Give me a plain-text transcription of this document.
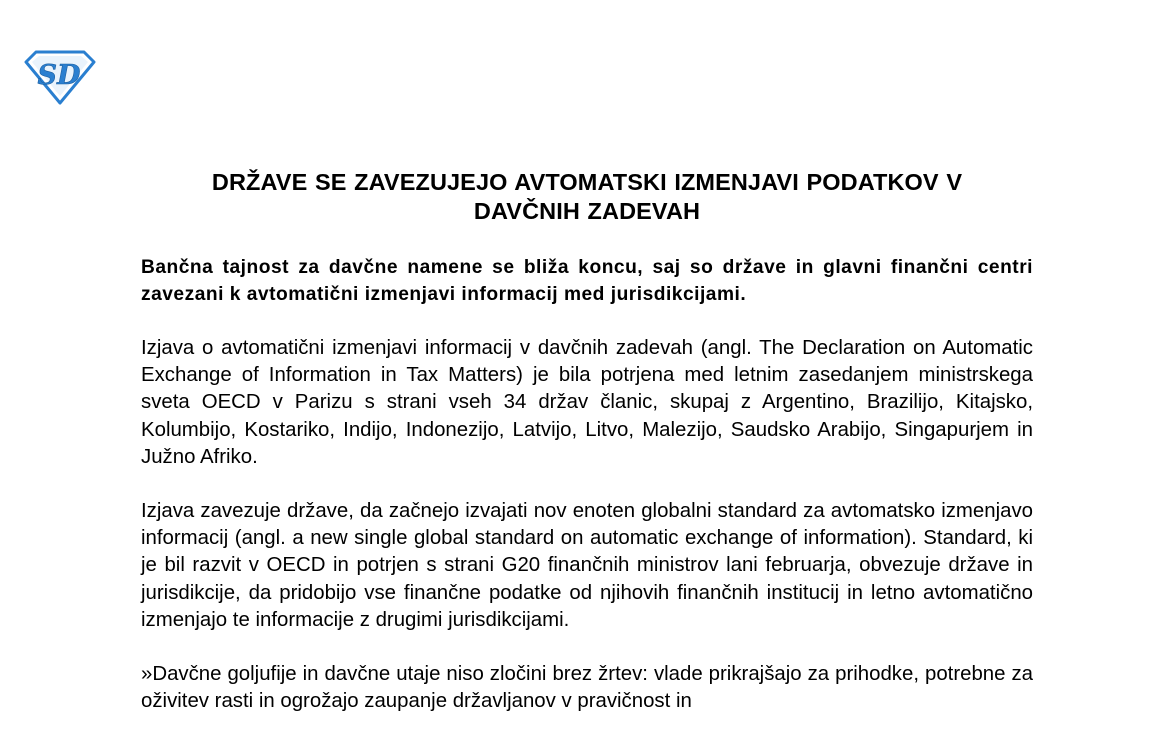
SD
DRŽAVE SE ZAVEZUJEJO AVTOMATSKI IZMENJAVI PODATKOV V
DAVČNIH ZADEVAH

Bančna tajnost za davčne namene se bliža koncu, saj so države in glavni finančni centri zavezani k avtomatični izmenjavi informacij med jurisdikcijami.

Izjava o avtomatični izmenjavi informacij v davčnih zadevah (angl. The Declaration on Automatic Exchange of Information in Tax Matters) je bila potrjena med letnim zasedanjem ministrskega sveta OECD v Parizu s strani vseh 34 držav članic, skupaj z Argentino, Brazilijo, Kitajsko, Kolumbijo, Kostariko, Indijo, Indonezijo, Latvijo, Litvo, Malezijo, Saudsko Arabijo, Singapurjem in Južno Afriko.

Izjava zavezuje države, da začnejo izvajati nov enoten globalni standard za avtomatsko izmenjavo informacij (angl. a new single global standard on automatic exchange of information). Standard, ki je bil razvit v OECD in potrjen s strani G20 finančnih ministrov lani februarja, obvezuje države in jurisdikcije, da pridobijo vse finančne podatke od njihovih finančnih institucij in letno avtomatično izmenjajo te informacije z drugimi jurisdikcijami.

»Davčne goljufije in davčne utaje niso zločini brez žrtev: vlade prikrajšajo za prihodke, potrebne za oživitev rasti in ogrožajo zaupanje državljanov v pravičnost in
